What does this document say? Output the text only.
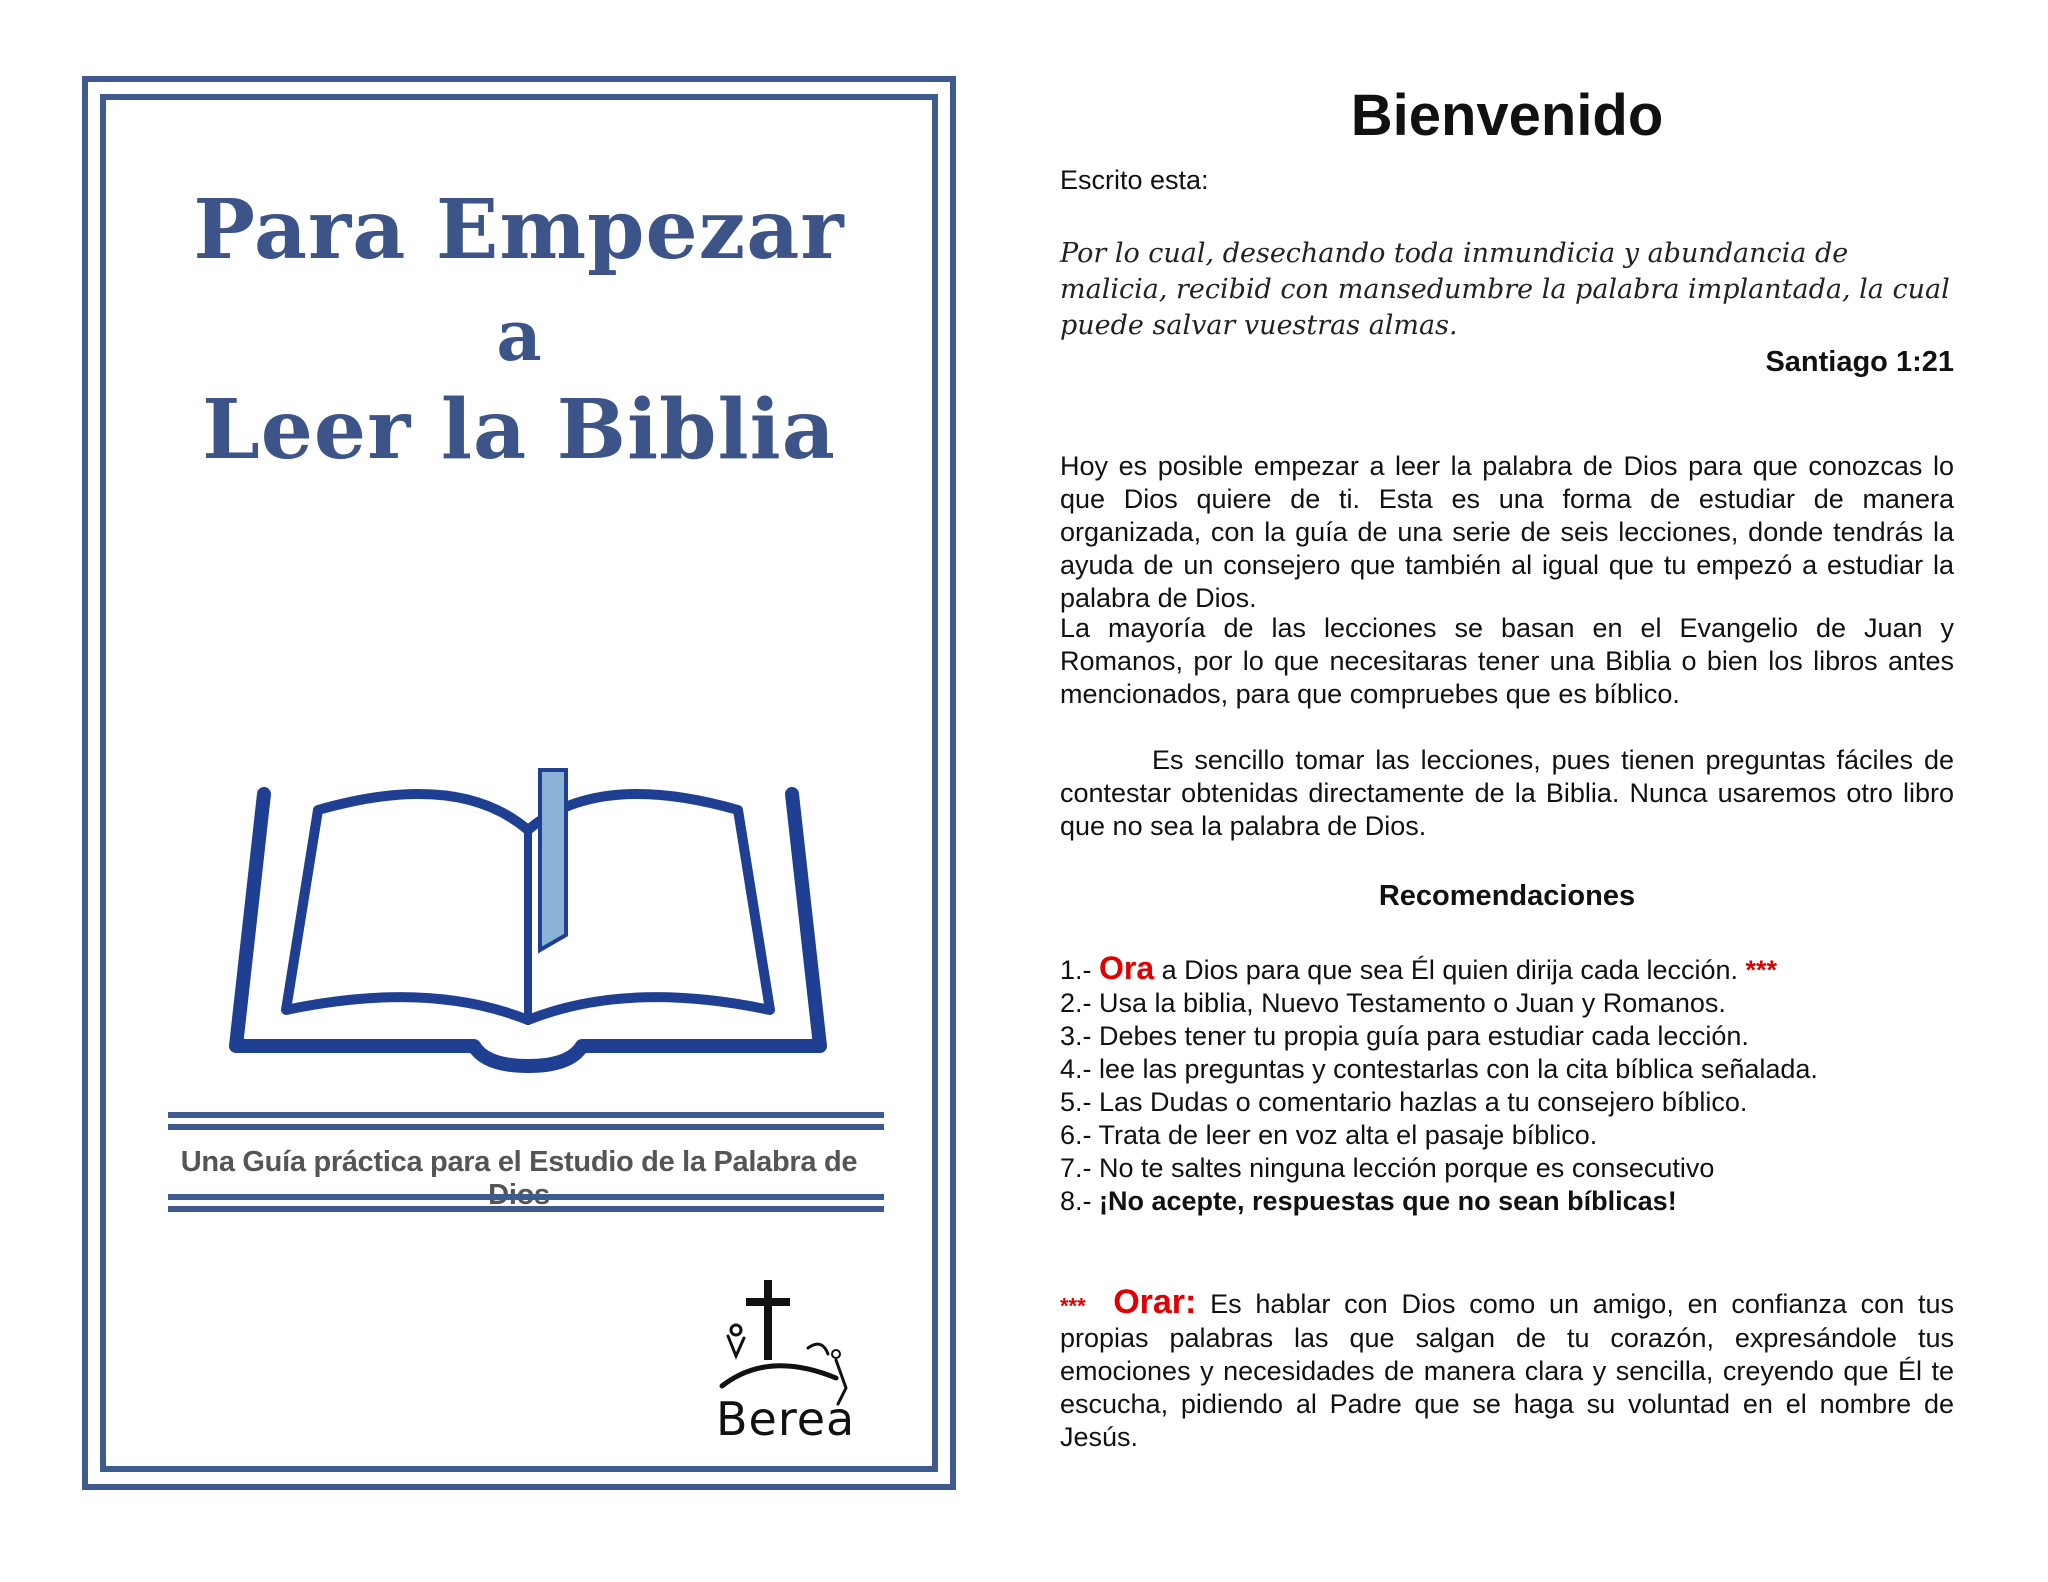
Para Empezar
a
Leer la Biblia
Una Guía práctica para el Estudio de la Palabra de
Berea
Bienvenido

Escrito esta:

Por lo cual, desechando toda inmundicia y abundancia de malicia, recibid con mansedumbre la palabra implantada, la cual puede salvar vuestras almas.

Santiago 1:21

Hoy es posible empezar a leer la palabra de Dios para que conozcas lo que Dios quiere de ti. Esta es una forma de estudiar de manera organizada, con la guía de una serie de seis lecciones, donde tendrás la ayuda de un consejero que también al igual que tu empezó a estudiar la palabra de Dios.

La mayoría de las lecciones se basan en el Evangelio de Juan y Romanos, por lo que necesitaras tener una Biblia o bien los libros antes mencionados, para que compruebes que es bíblico.

Es sencillo tomar las lecciones, pues tienen preguntas fáciles de contestar obtenidas directamente de la Biblia. Nunca usaremos otro libro que no sea la palabra de Dios.

Recomendaciones

1.- Ora a Dios para que sea Él quien dirija cada lección. ***
2.- Usa la biblia, Nuevo Testamento o Juan y Romanos.
3.- Debes tener tu propia guía para estudiar cada lección.
4.- lee las preguntas y contestarlas con la cita bíblica señalada.
5.- Las Dudas o comentario hazlas a tu consejero bíblico.
6.- Trata de leer en voz alta el pasaje bíblico.
7.- No te saltes ninguna lección porque es consecutivo
8.- ¡No acepte, respuestas que no sean bíblicas!

*** Orar: Es hablar con Dios como un amigo, en confianza con tus propias palabras las que salgan de tu corazón, expresándole tus emociones y necesidades de manera clara y sencilla, creyendo que Él te escucha, pidiendo al Padre que se haga su voluntad en el nombre de Jesús.
